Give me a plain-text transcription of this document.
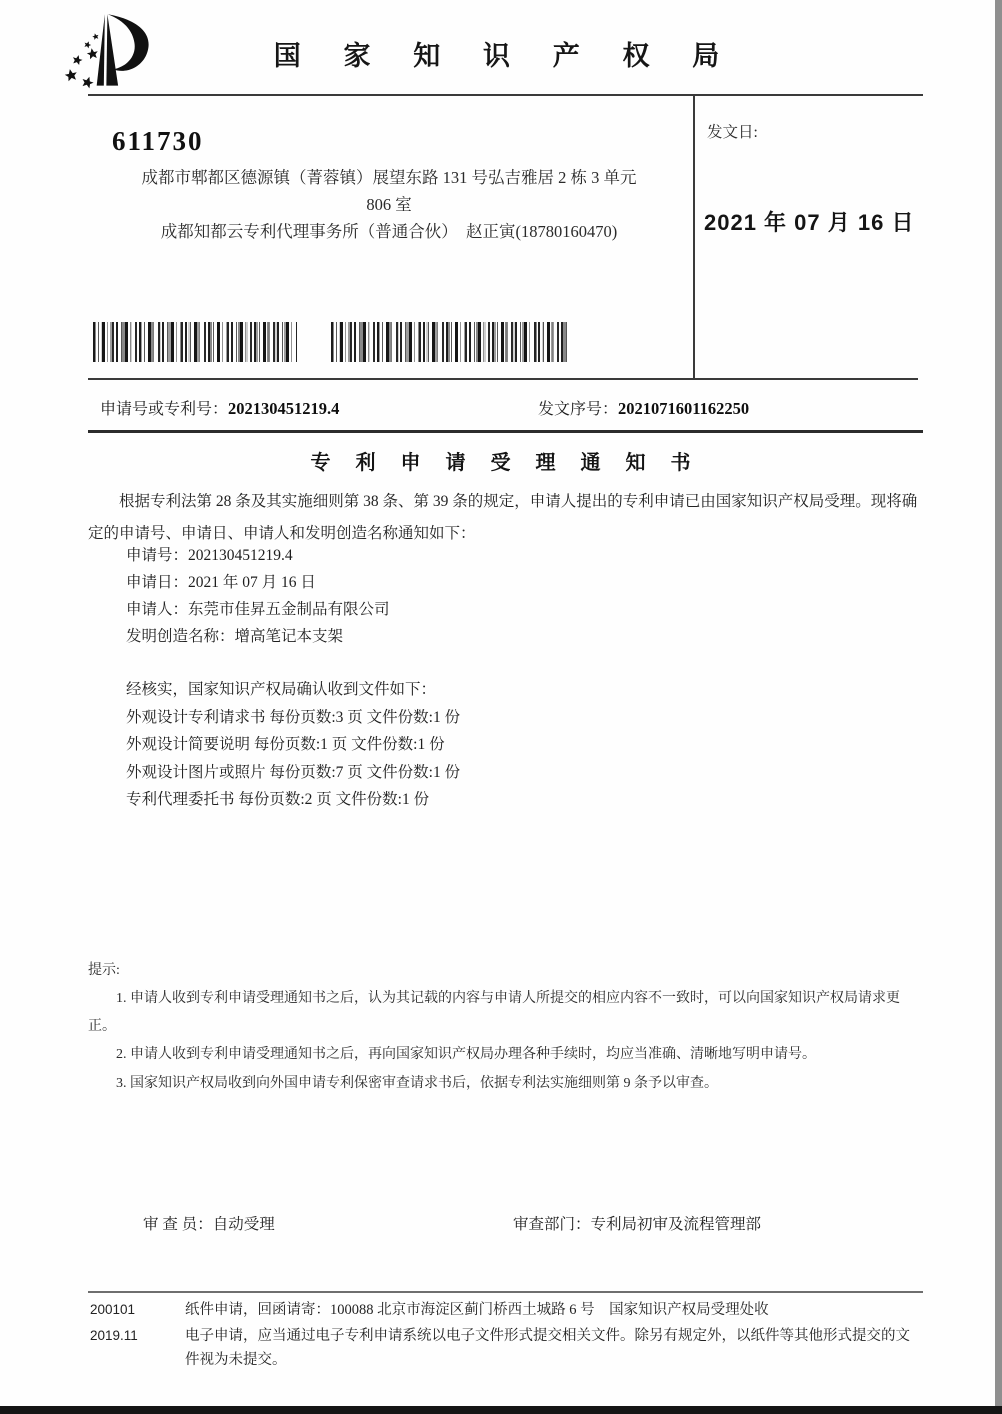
国 家 知 识 产 权 局
611730
成都市郫都区德源镇（菁蓉镇）展望东路 131 号弘吉雅居 2 栋 3 单元
806 室
成都知都云专利代理事务所（普通合伙）　赵正寅(18780160470)
发文日:
2021 年 07 月 16 日
申请号或专利号：202130451219.4	发文序号：2021071601162250
专 利 申 请 受 理 通 知 书
根据专利法第 28 条及其实施细则第 38 条、第 39 条的规定，申请人提出的专利申请已由国家知识产权局受理。现将确定的申请号、申请日、申请人和发明创造名称通知如下：
申请号：202130451219.4
申请日：2021 年 07 月 16 日
申请人：东莞市佳昇五金制品有限公司
发明创造名称：增高笔记本支架
经核实，国家知识产权局确认收到文件如下：
外观设计专利请求书 每份页数:3 页 文件份数:1 份
外观设计简要说明 每份页数:1 页 文件份数:1 份
外观设计图片或照片 每份页数:7 页 文件份数:1 份
专利代理委托书 每份页数:2 页 文件份数:1 份
提示:
1. 申请人收到专利申请受理通知书之后，认为其记载的内容与申请人所提交的相应内容不一致时，可以向国家知识产权局请求更正。
2. 申请人收到专利申请受理通知书之后，再向国家知识产权局办理各种手续时，均应当准确、清晰地写明申请号。
3. 国家知识产权局收到向外国申请专利保密审查请求书后，依据专利法实施细则第 9 条予以审查。
审 查 员：自动受理	审查部门：专利局初审及流程管理部
200101	纸件申请，回函请寄：100088 北京市海淀区蓟门桥西土城路 6 号　国家知识产权局受理处收
2019.11	电子申请，应当通过电子专利申请系统以电子文件形式提交相关文件。除另有规定外，以纸件等其他形式提交的文件视为未提交。
